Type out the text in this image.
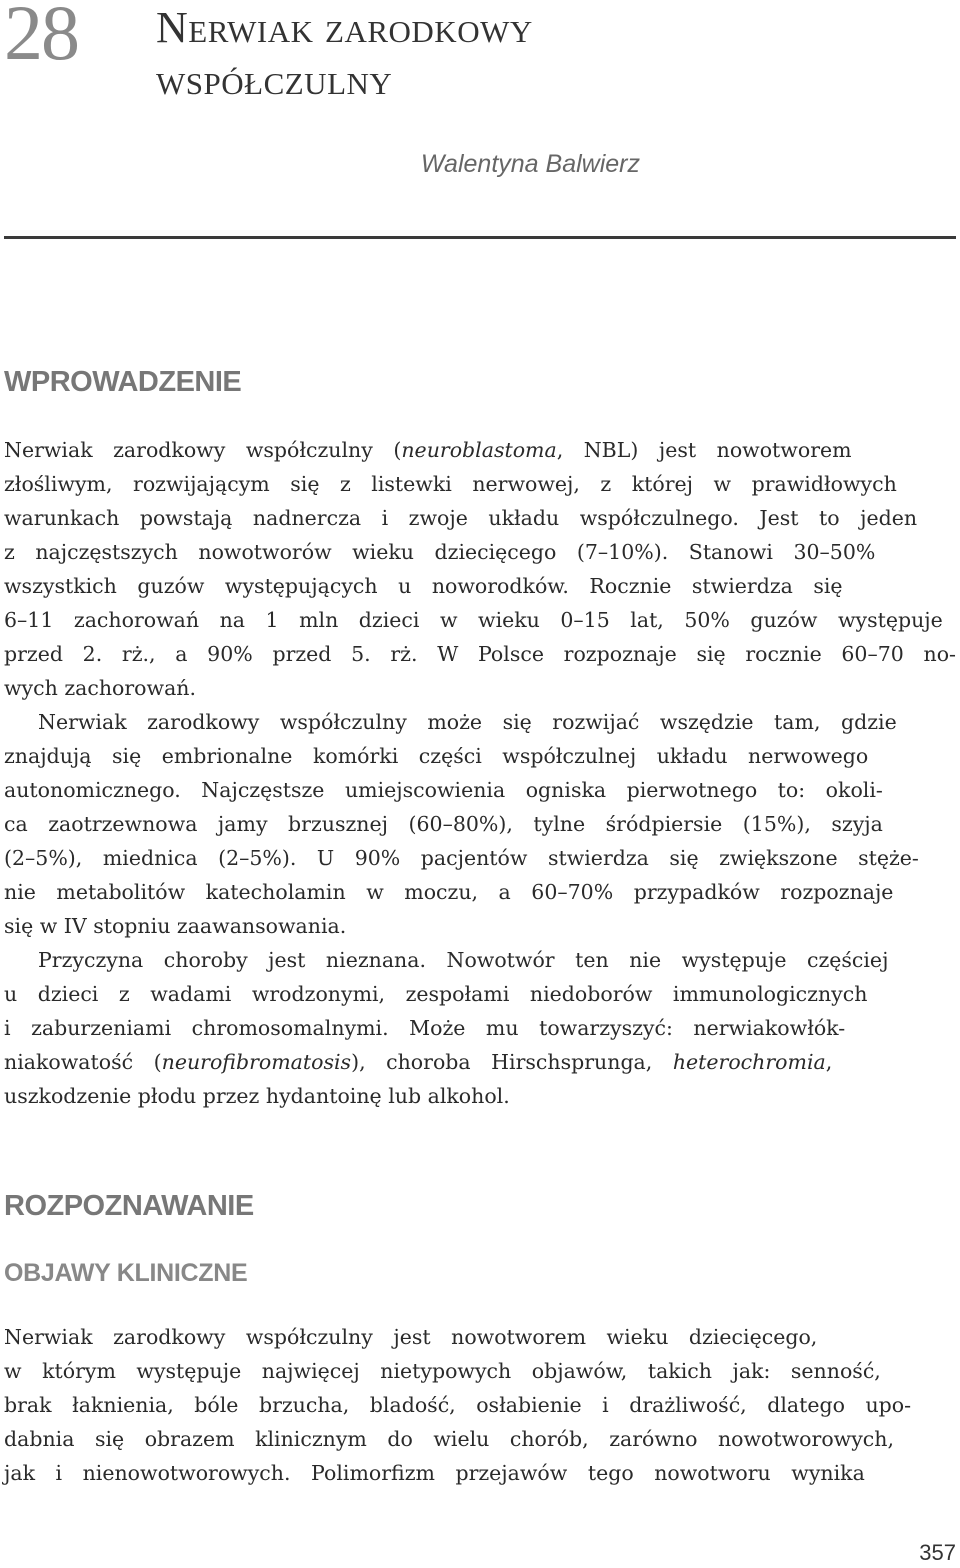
28 Nerwiak zarodkowy
współczulny
Walentyna Balwierz
WPROWADZENIE
Nerwiak zarodkowy współczulny (neuroblastoma, NBL) jest nowotworem
złośliwym, rozwijającym się z listewki nerwowej, z której w prawidłowych
warunkach powstają nadnercza i zwoje układu współczulnego. Jest to jeden
z najczęstszych nowotworów wieku dziecięcego (7–10%). Stanowi 30–50%
wszystkich guzów występujących u noworodków. Rocznie stwierdza się
6–11 zachorowań na 1 mln dzieci w wieku 0–15 lat, 50% guzów występuje
przed 2. rż., a 90% przed 5. rż. W Polsce rozpoznaje się rocznie 60–70 no-
wych zachorowań.
Nerwiak zarodkowy współczulny może się rozwijać wszędzie tam, gdzie
znajdują się embrionalne komórki części współczulnej układu nerwowego
autonomicznego. Najczęstsze umiejscowienia ogniska pierwotnego to: okoli-
ca zaotrzewnowa jamy brzusznej (60–80%), tylne śródpiersie (15%), szyja
(2–5%), miednica (2–5%). U 90% pacjentów stwierdza się zwiększone stęże-
nie metabolitów katecholamin w moczu, a 60–70% przypadków rozpoznaje
się w IV stopniu zaawansowania.
Przyczyna choroby jest nieznana. Nowotwór ten nie występuje częściej
u dzieci z wadami wrodzonymi, zespołami niedoborów immunologicznych
i zaburzeniami chromosomalnymi. Może mu towarzyszyć: nerwiakowłók-
niakowatość (neurofibromatosis), choroba Hirschsprunga, heterochromia,
uszkodzenie płodu przez hydantoinę lub alkohol.
ROZPOZNAWANIE
OBJAWY KLINICZNE
Nerwiak zarodkowy współczulny jest nowotworem wieku dziecięcego,
w którym występuje najwięcej nietypowych objawów, takich jak: senność,
brak łaknienia, bóle brzucha, bladość, osłabienie i drażliwość, dlatego upo-
dabnia się obrazem klinicznym do wielu chorób, zarówno nowotworowych,
jak i nienowotworowych. Polimorfizm przejawów tego nowotworu wynika
357
